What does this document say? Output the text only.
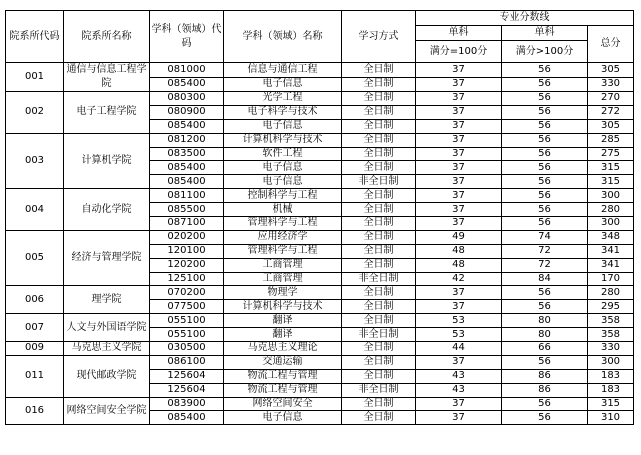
院系所代码	院系所名称	学科（领域）代码	学科（领域）名称	学习方式	专业分数线		
					单科	单科	总分
					满分=100分	满分>100分	
001	通信与信息工程学院	081000	信息与通信工程	全日制	37	56	305
		085400	电子信息	全日制	37	56	330
002	电子工程学院	080300	光学工程	全日制	37	56	270
		080900	电子科学与技术	全日制	37	56	272
		085400	电子信息	全日制	37	56	305
003	计算机学院	081200	计算机科学与技术	全日制	37	56	285
		083500	软件工程	全日制	37	56	275
		085400	电子信息	全日制	37	56	315
		085400	电子信息	非全日制	37	56	315
004	自动化学院	081100	控制科学与工程	全日制	37	56	300
		085500	机械	全日制	37	56	280
		087100	管理科学与工程	全日制	37	56	300
005	经济与管理学院	020200	应用经济学	全日制	49	74	348
		120100	管理科学与工程	全日制	48	72	341
		120200	工商管理	全日制	48	72	341
		125100	工商管理	非全日制	42	84	170
006	理学院	070200	物理学	全日制	37	56	280
		077500	计算机科学与技术	全日制	37	56	295
007	人文与外国语学院	055100	翻译	全日制	53	80	358
		055100	翻译	非全日制	53	80	358
009	马克思主义学院	030500	马克思主义理论	全日制	44	66	330
011	现代邮政学院	086100	交通运输	全日制	37	56	300
		125604	物流工程与管理	全日制	43	86	183
		125604	物流工程与管理	非全日制	43	86	183
016	网络空间安全学院	083900	网络空间安全	全日制	37	56	315
		085400	电子信息	全日制	37	56	310
